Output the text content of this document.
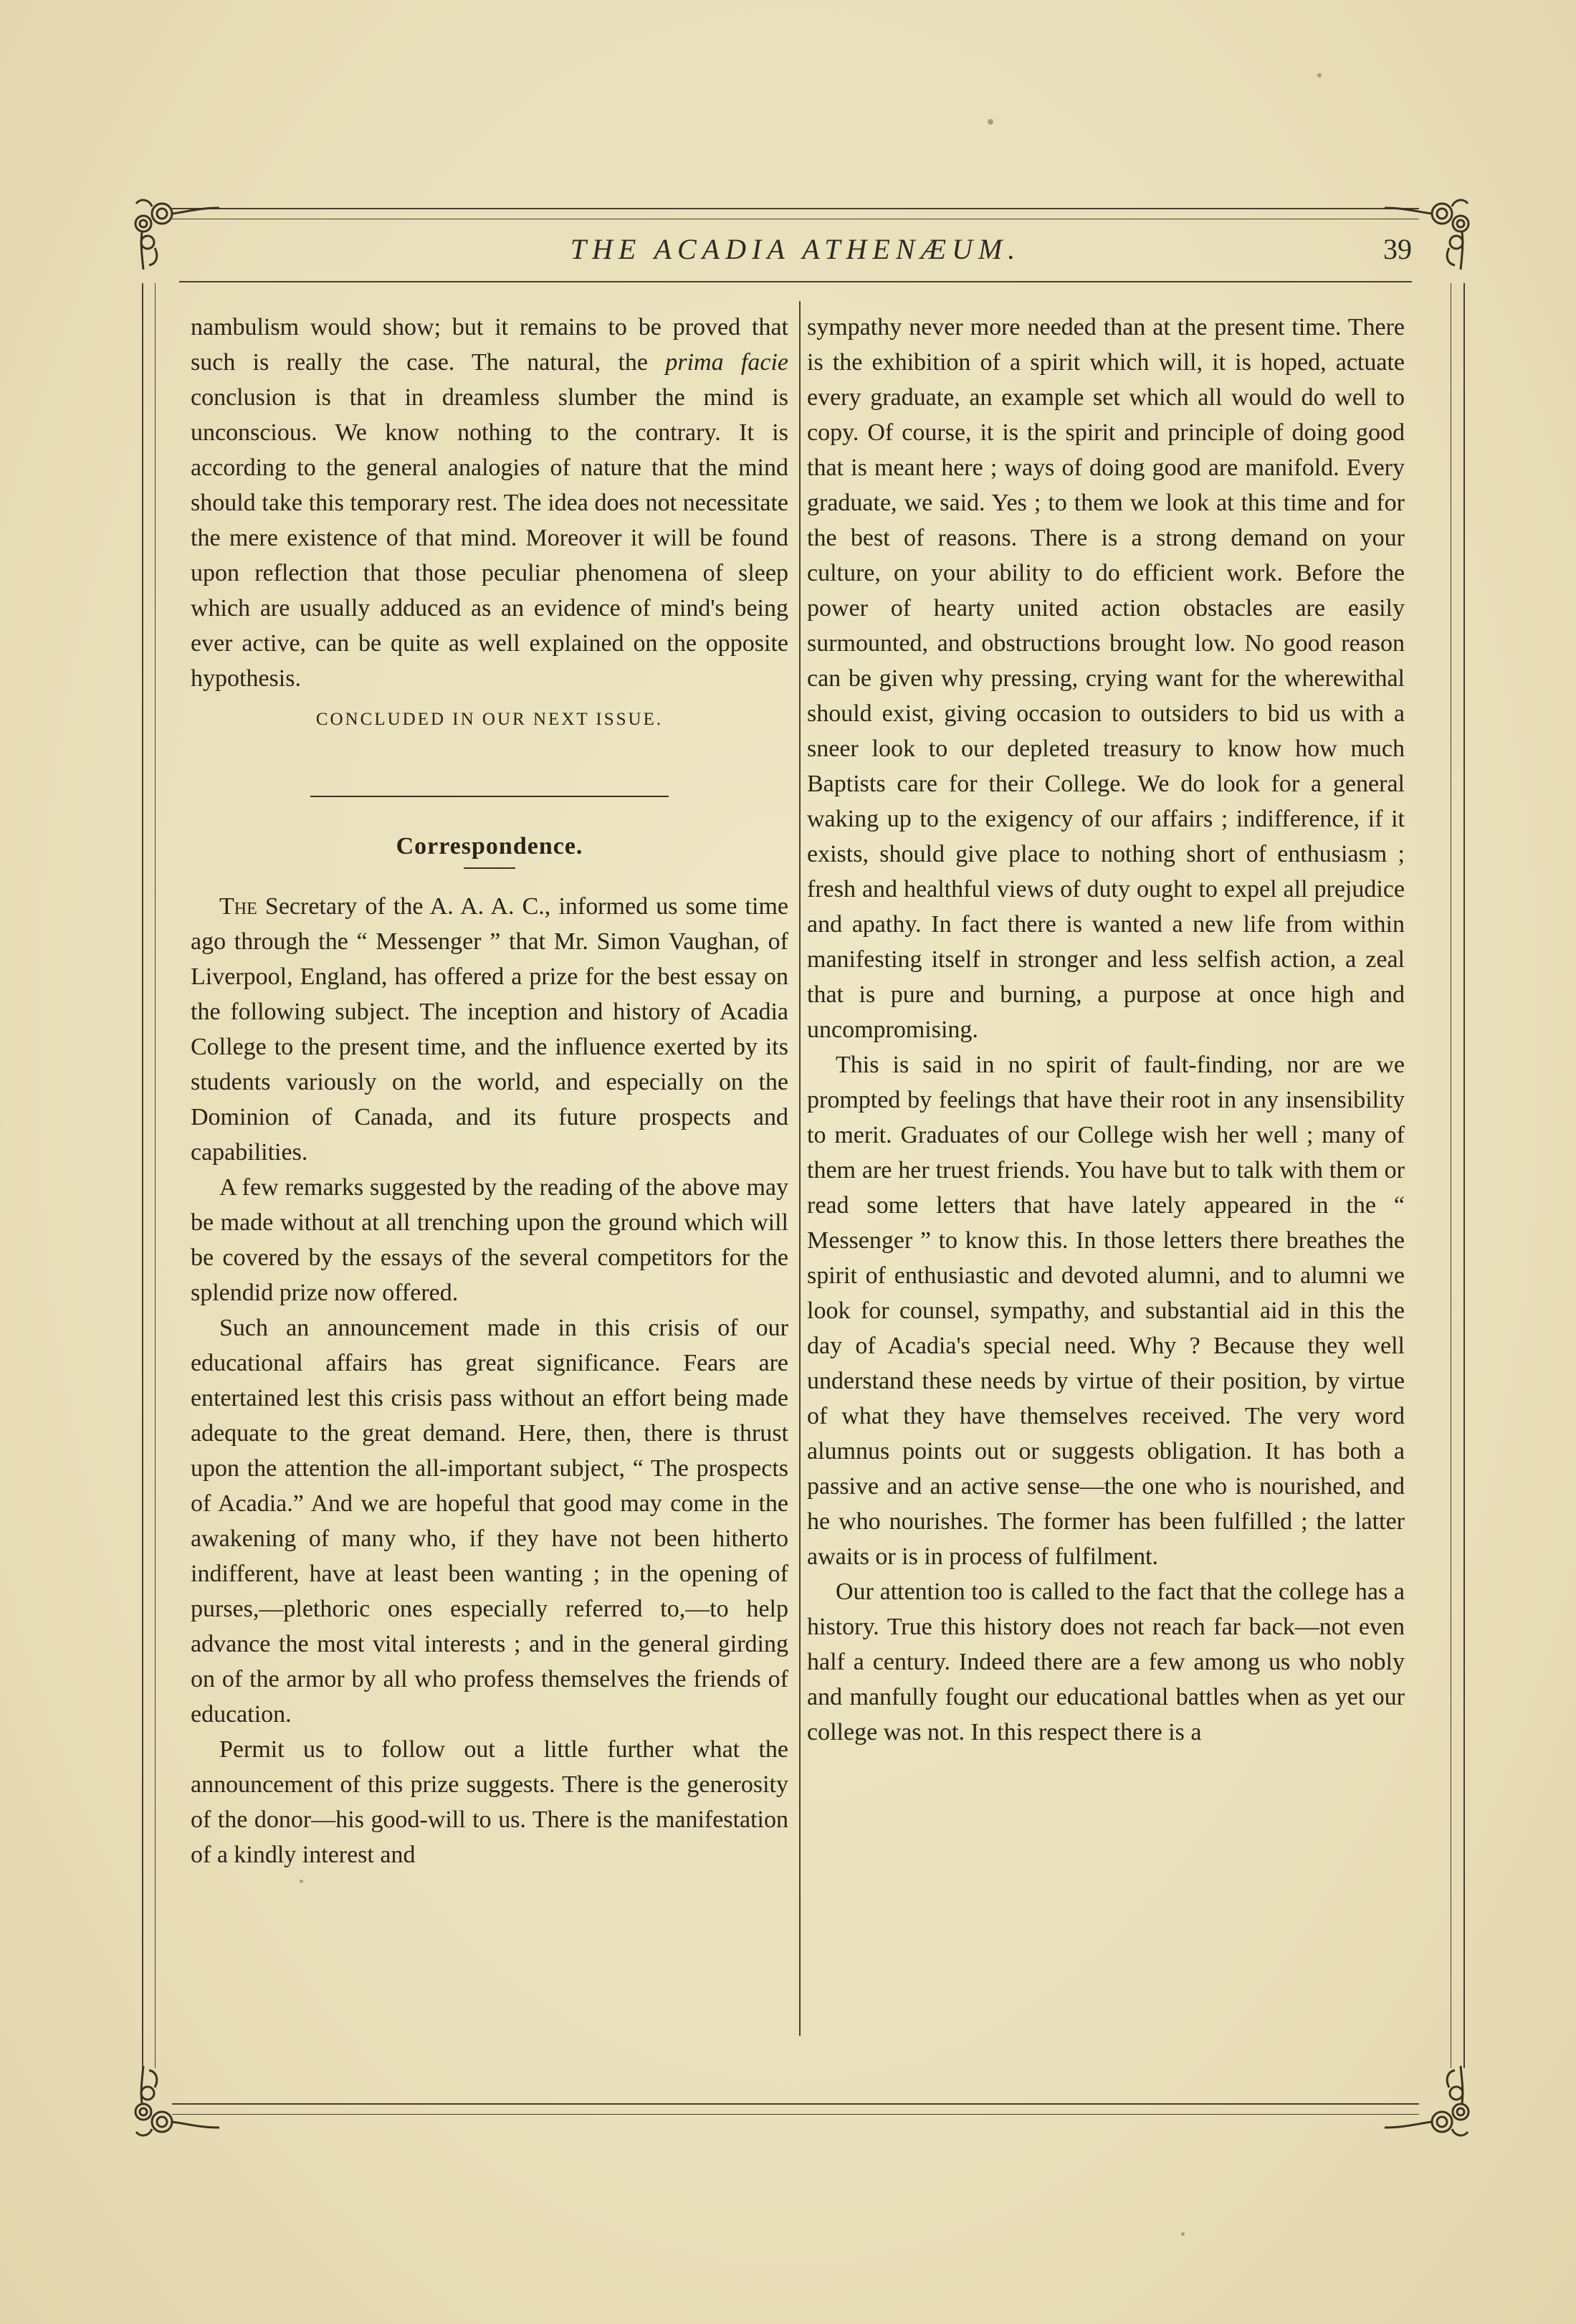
THE ACADIA ATHENÆUM.	39

nambulism would show; but it remains to be proved that such is really the case. The natural, the prima facie conclusion is that in dreamless slumber the mind is unconscious. We know nothing to the contrary. It is according to the general analogies of nature that the mind should take this temporary rest. The idea does not necessitate the mere existence of that mind. Moreover it will be found upon reflection that those peculiar phenomena of sleep which are usually adduced as an evidence of mind's being ever active, can be quite as well explained on the opposite hypothesis.

CONCLUDED IN OUR NEXT ISSUE.
Correspondence.

The Secretary of the A. A. A. C., informed us some time ago through the “ Messenger ” that Mr. Simon Vaughan, of Liverpool, England, has offered a prize for the best essay on the following subject. The inception and history of Acadia College to the present time, and the influence exerted by its students variously on the world, and especially on the Dominion of Canada, and its future prospects and capabilities.

A few remarks suggested by the reading of the above may be made without at all trenching upon the ground which will be covered by the essays of the several competitors for the splendid prize now offered.

Such an announcement made in this crisis of our educational affairs has great significance. Fears are entertained lest this crisis pass without an effort being made adequate to the great demand. Here, then, there is thrust upon the attention the all-important subject, “ The prospects of Acadia.” And we are hopeful that good may come in the awakening of many who, if they have not been hitherto indifferent, have at least been wanting ; in the opening of purses,—plethoric ones especially referred to,—to help advance the most vital interests ; and in the general girding on of the armor by all who profess themselves the friends of education.

Permit us to follow out a little further what the announcement of this prize suggests. There is the generosity of the donor—his good-will to us. There is the manifestation of a kindly interest and

sympathy never more needed than at the present time. There is the exhibition of a spirit which will, it is hoped, actuate every graduate, an example set which all would do well to copy. Of course, it is the spirit and principle of doing good that is meant here ; ways of doing good are manifold. Every graduate, we said. Yes ; to them we look at this time and for the best of reasons. There is a strong demand on your culture, on your ability to do efficient work. Before the power of hearty united action obstacles are easily surmounted, and obstructions brought low. No good reason can be given why pressing, crying want for the wherewithal should exist, giving occasion to outsiders to bid us with a sneer look to our depleted treasury to know how much Baptists care for their College. We do look for a general waking up to the exigency of our affairs ; indifference, if it exists, should give place to nothing short of enthusiasm ; fresh and healthful views of duty ought to expel all prejudice and apathy. In fact there is wanted a new life from within manifesting itself in stronger and less selfish action, a zeal that is pure and burning, a purpose at once high and uncompromising.

This is said in no spirit of fault-finding, nor are we prompted by feelings that have their root in any insensibility to merit. Graduates of our College wish her well ; many of them are her truest friends. You have but to talk with them or read some letters that have lately appeared in the “ Messenger ” to know this. In those letters there breathes the spirit of enthusiastic and devoted alumni, and to alumni we look for counsel, sympathy, and substantial aid in this the day of Acadia's special need. Why ? Because they well understand these needs by virtue of their position, by virtue of what they have themselves received. The very word alumnus points out or suggests obligation. It has both a passive and an active sense—the one who is nourished, and he who nourishes. The former has been fulfilled ; the latter awaits or is in process of fulfilment.

Our attention too is called to the fact that the college has a history. True this history does not reach far back—not even half a century. Indeed there are a few among us who nobly and manfully fought our educational battles when as yet our college was not. In this respect there is a
